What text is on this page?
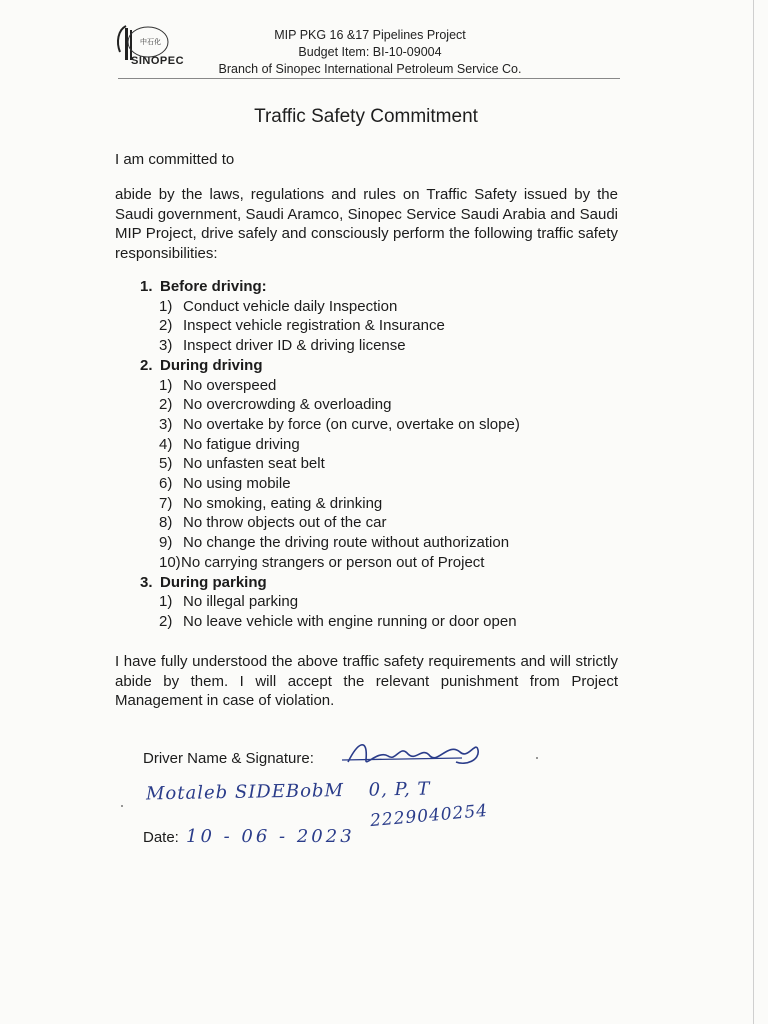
中石化
SINOPEC
MIP PKG 16 &17 Pipelines Project
Budget Item: BI-10-09004
Branch of Sinopec International Petroleum Service Co.
Traffic Safety Commitment
I am committed to
abide by the laws, regulations and rules on Traffic Safety issued by the Saudi government, Saudi Aramco, Sinopec Service Saudi Arabia and Saudi MIP Project, drive safely and consciously perform the following traffic safety responsibilities:
1. Before driving:
1) Conduct vehicle daily Inspection
2) Inspect vehicle registration & Insurance
3) Inspect driver ID & driving license
2. During driving
1) No overspeed
2) No overcrowding & overloading
3) No overtake by force (on curve, overtake on slope)
4) No fatigue driving
5) No unfasten seat belt
6) No using mobile
7) No smoking, eating & drinking
8) No throw objects out of the car
9) No change the driving route without authorization
10)No carrying strangers or person out of Project
3. During parking
1) No illegal parking
2) No leave vehicle with engine running or door open
I have fully understood the above traffic safety requirements and will strictly abide by them. I will accept the relevant punishment from Project Management in case of violation.
Driver Name & Signature:
Motaleb SIDEBobM 0, P, T
2229040254
Date: 10 - 06 - 2023
